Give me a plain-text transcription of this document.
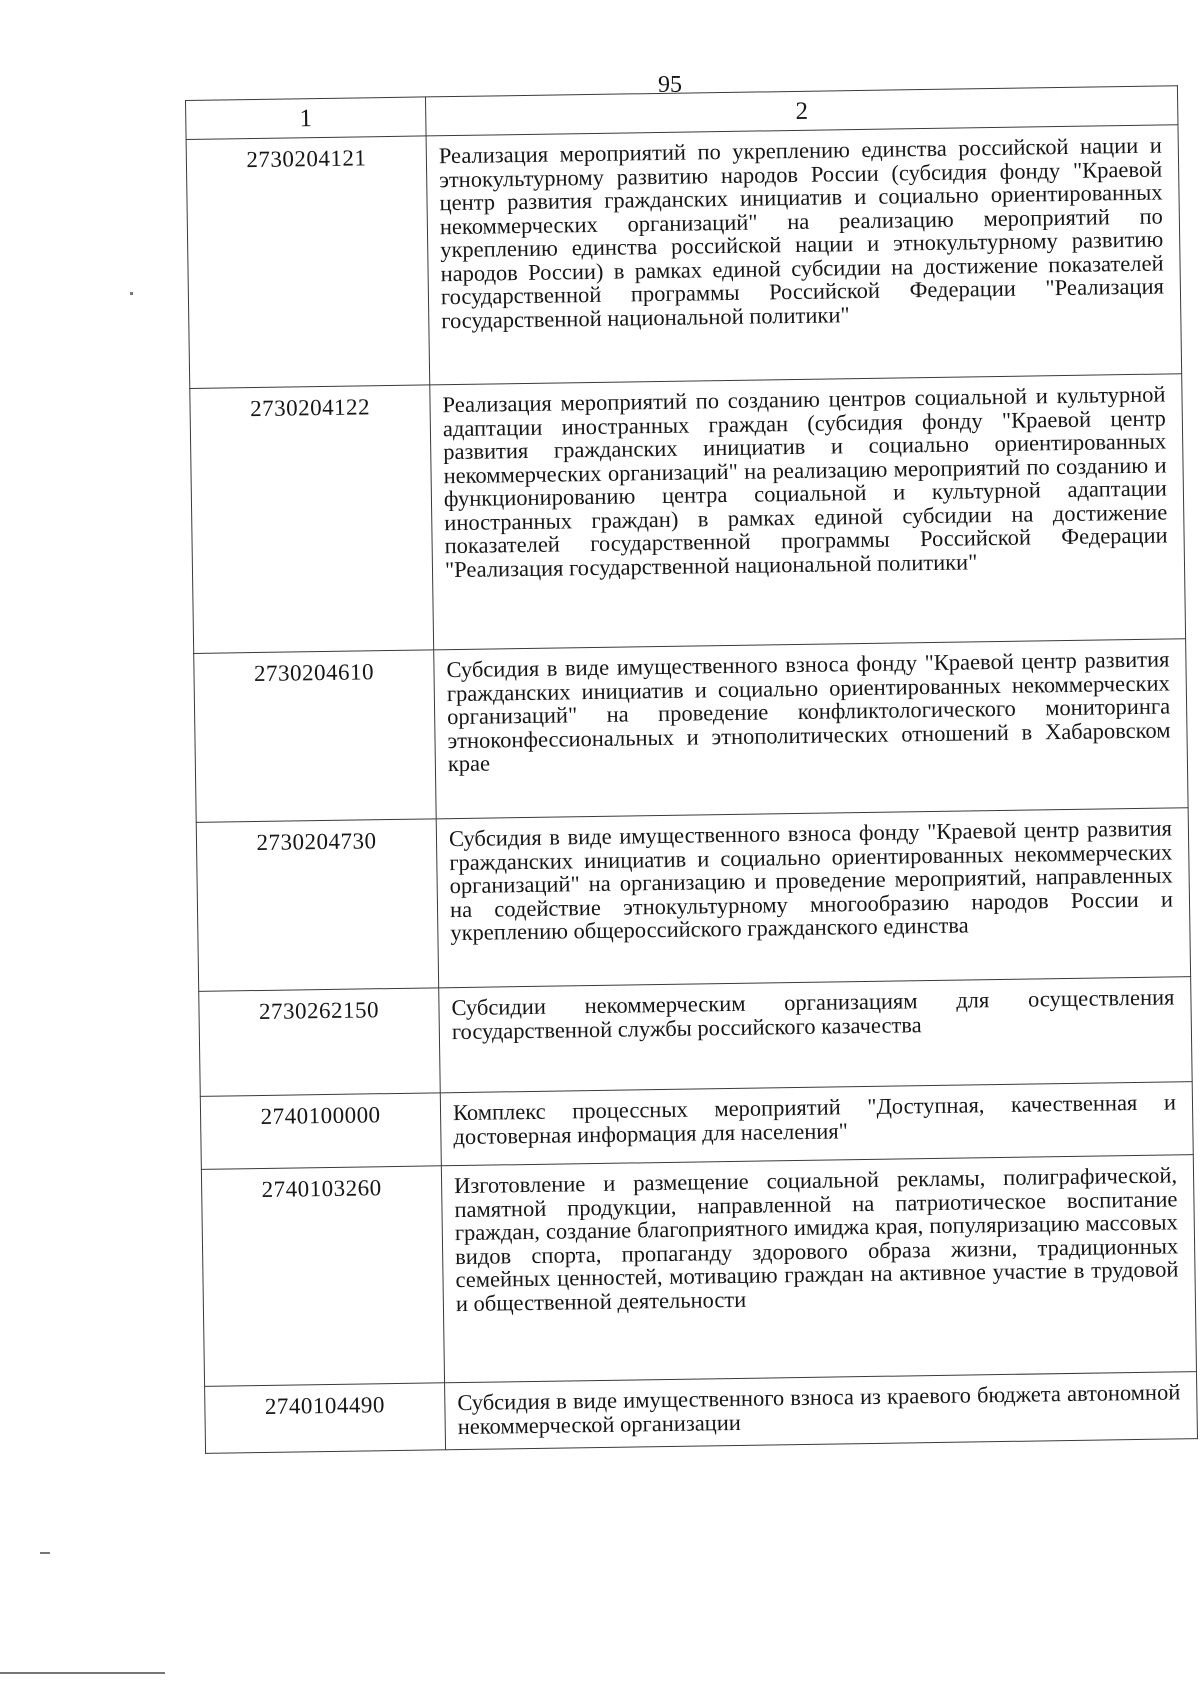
95
1	2
2730204121	Реализация мероприятий по укреплению единства российской нации и этнокультурному развитию народов России (субсидия фонду "Краевой центр развития гражданских инициатив и социально ориентированных некоммерческих организаций" на реализацию мероприятий по укреплению единства российской нации и этнокультурному развитию народов России) в рамках единой субсидии на достижение показателей государственной программы Российской Федерации "Реализация государственной национальной политики"
2730204122	Реализация мероприятий по созданию центров социальной и культурной адаптации иностранных граждан (субсидия фонду "Краевой центр развития гражданских инициатив и социально ориентированных некоммерческих организаций" на реализацию мероприятий по созданию и функционированию центра социальной и культурной адаптации иностранных граждан) в рамках единой субсидии на достижение показателей государственной программы Российской Федерации "Реализация государственной национальной политики"
2730204610	Субсидия в виде имущественного взноса фонду "Краевой центр развития гражданских инициатив и социально ориентированных некоммерческих организаций" на проведение конфликтологического мониторинга этноконфессиональных и этнополитических отношений в Хабаровском крае
2730204730	Субсидия в виде имущественного взноса фонду "Краевой центр развития гражданских инициатив и социально ориентированных некоммерческих организаций" на организацию и проведение мероприятий, направленных на содействие этнокультурному многообразию народов России и укреплению общероссийского гражданского единства
2730262150	Субсидии некоммерческим организациям для осуществления государственной службы российского казачества
2740100000	Комплекс процессных мероприятий "Доступная, качественная и достоверная информация для населения"
2740103260	Изготовление и размещение социальной рекламы, полиграфической, памятной продукции, направленной на патриотическое воспитание граждан, создание благоприятного имиджа края, популяризацию массовых видов спорта, пропаганду здорового образа жизни, традиционных семейных ценностей, мотивацию граждан на активное участие в трудовой и общественной деятельности
2740104490	Субсидия в виде имущественного взноса из краевого бюджета автономной некоммерческой организации
